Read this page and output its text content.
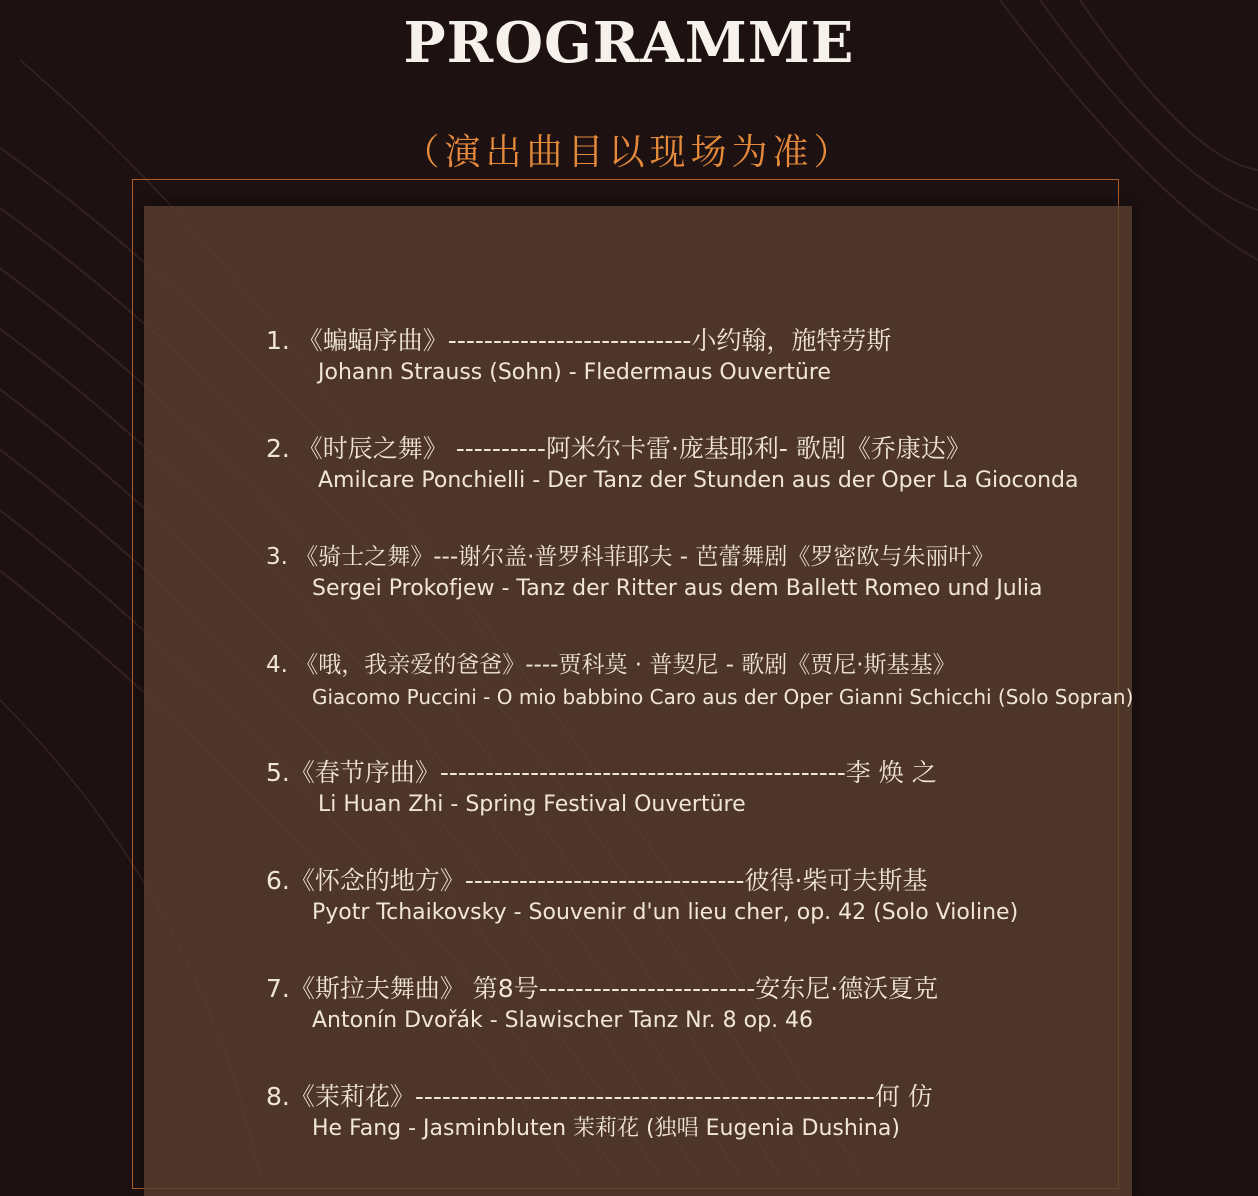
PROGRAMME
（演出曲目以现场为准）
1. 《蝙蝠序曲》---------------------------小约翰，施特劳斯
Johann Strauss (Sohn) - Fledermaus Ouvertüre
2. 《时辰之舞》 ----------阿米尔卡雷·庞基耶利- 歌剧《乔康达》
Amilcare Ponchielli - Der Tanz der Stunden aus der Oper La Gioconda
3. 《骑士之舞》---谢尔盖·普罗科菲耶夫 - 芭蕾舞剧《罗密欧与朱丽叶》
Sergei Prokofjew - Tanz der Ritter aus dem Ballett Romeo und Julia
4. 《哦，我亲爱的爸爸》----贾科莫 · 普契尼 - 歌剧《贾尼·斯基基》
Giacomo Puccini - O mio babbino Caro aus der Oper Gianni Schicchi (Solo Sopran)
5.《春节序曲》---------------------------------------------李 焕 之
Li Huan Zhi - Spring Festival Ouvertüre
6.《怀念的地方》-------------------------------彼得·柴可夫斯基
Pyotr Tchaikovsky - Souvenir d'un lieu cher, op. 42 (Solo Violine)
7.《斯拉夫舞曲》 第8号------------------------安东尼·德沃夏克
Antonín Dvořák - Slawischer Tanz Nr. 8 op. 46
8.《茉莉花》---------------------------------------------------何 仿
He Fang - Jasminbluten 茉莉花 (独唱 Eugenia Dushina)
